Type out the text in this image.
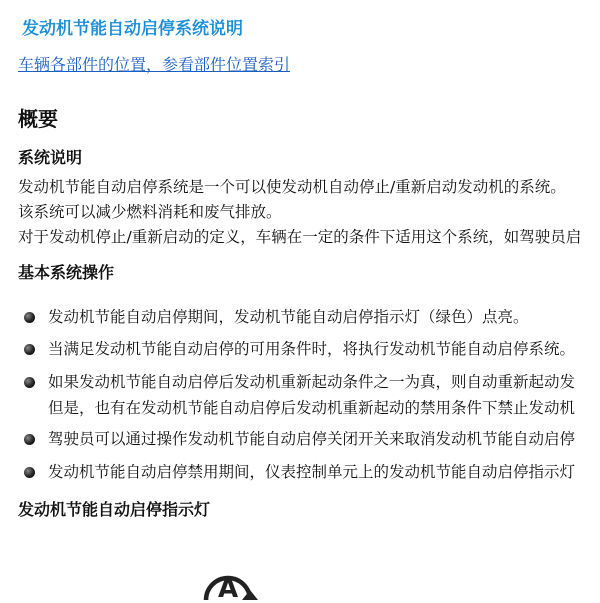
发动机节能自动启停系统说明
车辆各部件的位置，参看部件位置索引
概要
系统说明
发动机节能自动启停系统是一个可以使发动机自动停止/重新启动发动机的系统。
该系统可以减少燃料消耗和废气排放。
对于发动机停止/重新启动的定义，车辆在一定的条件下适用这个系统，如驾驶员启
基本系统操作
发动机节能自动启停期间，发动机节能自动启停指示灯（绿色）点亮。
当满足发动机节能自动启停的可用条件时，将执行发动机节能自动启停系统。
如果发动机节能自动启停后发动机重新起动条件之一为真，则自动重新起动发
但是，也有在发动机节能自动启停后发动机重新起动的禁用条件下禁止发动机
驾驶员可以通过操作发动机节能自动启停关闭开关来取消发动机节能自动启停
发动机节能自动启停禁用期间，仪表控制单元上的发动机节能自动启停指示灯
发动机节能自动启停指示灯
A
